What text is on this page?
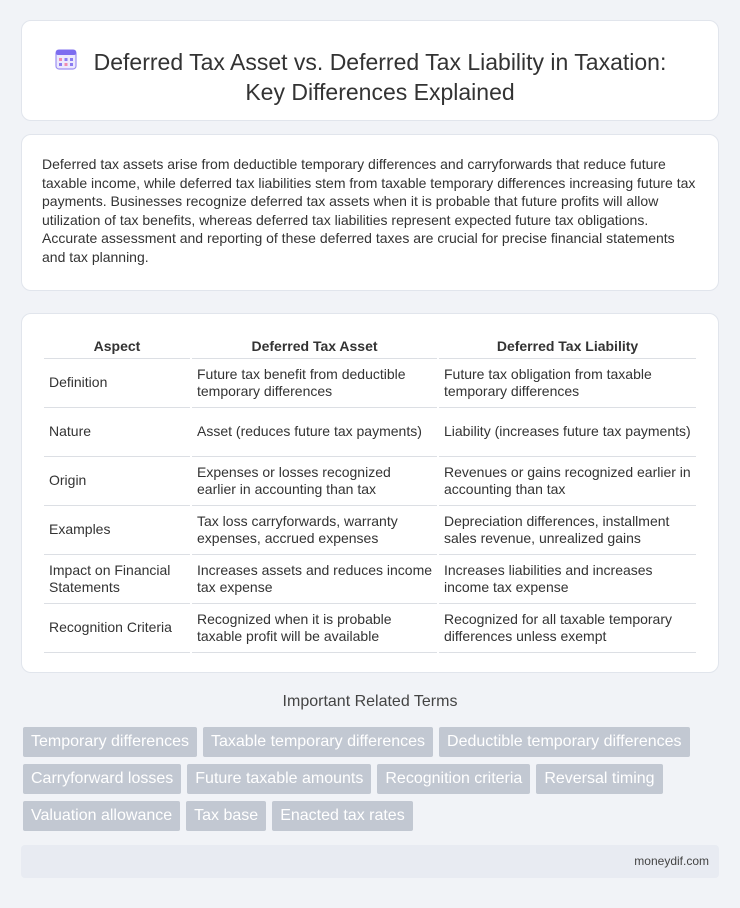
Deferred Tax Asset vs. Deferred Tax Liability in Taxation:
Key Differences Explained

Deferred tax assets arise from deductible temporary differences and carryforwards that reduce future taxable income, while deferred tax liabilities stem from taxable temporary differences increasing future tax payments. Businesses recognize deferred tax assets when it is probable that future profits will allow utilization of tax benefits, whereas deferred tax liabilities represent expected future tax obligations. Accurate assessment and reporting of these deferred taxes are crucial for precise financial statements and tax planning.

Aspect	Deferred Tax Asset	Deferred Tax Liability
Definition	Future tax benefit from deductible temporary differences	Future tax obligation from taxable temporary differences
Nature	Asset (reduces future tax payments)	Liability (increases future tax payments)
Origin	Expenses or losses recognized earlier in accounting than tax	Revenues or gains recognized earlier in accounting than tax
Examples	Tax loss carryforwards, warranty expenses, accrued expenses	Depreciation differences, installment sales revenue, unrealized gains
Impact on Financial Statements	Increases assets and reduces income tax expense	Increases liabilities and increases income tax expense
Recognition Criteria	Recognized when it is probable taxable profit will be available	Recognized for all taxable temporary differences unless exempt
Important Related Terms
Temporary differences	Taxable temporary differences	Deductible temporary differences
Carryforward losses	Future taxable amounts	Recognition criteria	Reversal timing
Valuation allowance	Tax base	Enacted tax rates
moneydif.com
